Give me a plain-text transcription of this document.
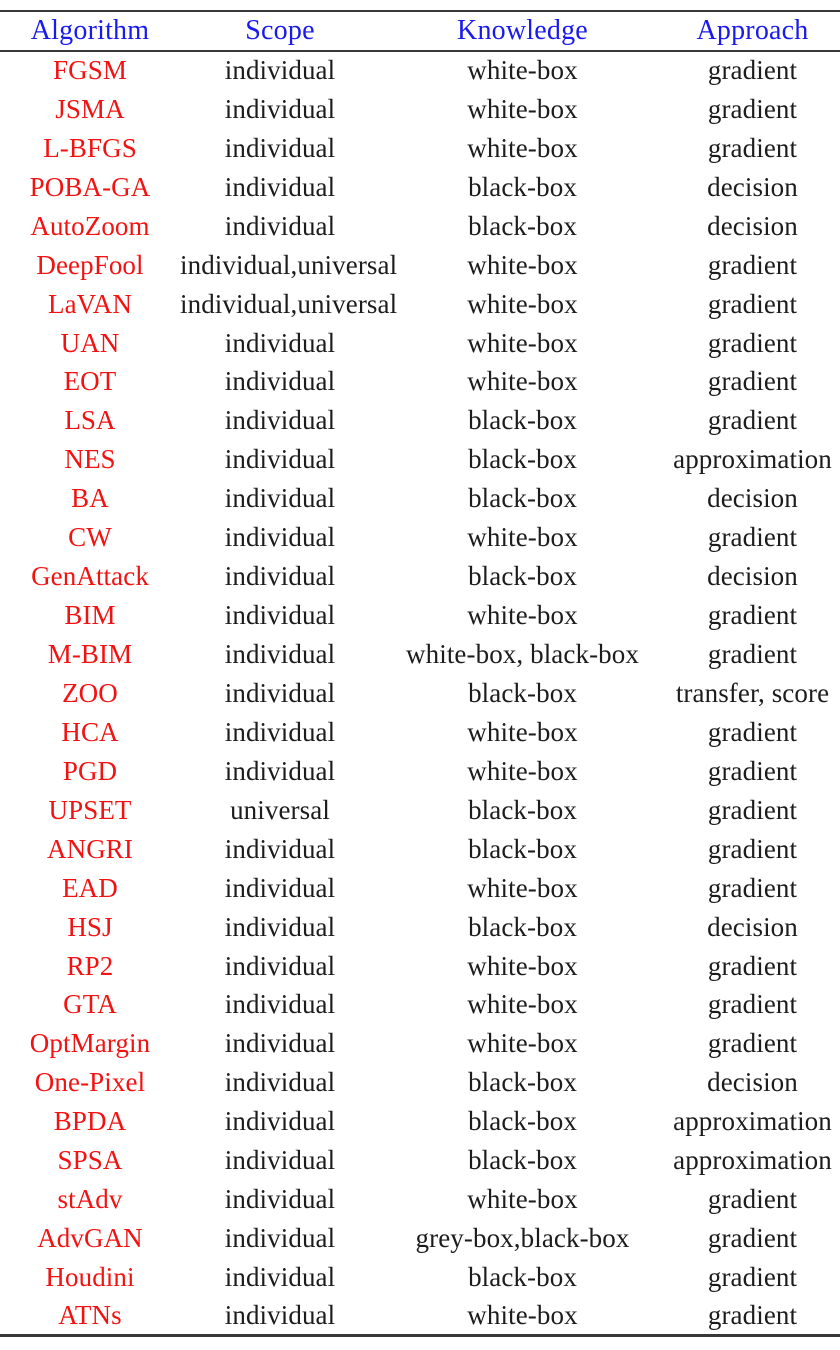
Algorithm	Scope	Knowledge	Approach
FGSM	individual	white-box	gradient
JSMA	individual	white-box	gradient
L-BFGS	individual	white-box	gradient
POBA-GA	individual	black-box	decision
AutoZoom	individual	black-box	decision
DeepFool	individual,universal	white-box	gradient
LaVAN	individual,universal	white-box	gradient
UAN	individual	white-box	gradient
EOT	individual	white-box	gradient
LSA	individual	black-box	gradient
NES	individual	black-box	approximation
BA	individual	black-box	decision
CW	individual	white-box	gradient
GenAttack	individual	black-box	decision
BIM	individual	white-box	gradient
M-BIM	individual	white-box, black-box	gradient
ZOO	individual	black-box	transfer, score
HCA	individual	white-box	gradient
PGD	individual	white-box	gradient
UPSET	universal	black-box	gradient
ANGRI	individual	black-box	gradient
EAD	individual	white-box	gradient
HSJ	individual	black-box	decision
RP2	individual	white-box	gradient
GTA	individual	white-box	gradient
OptMargin	individual	white-box	gradient
One-Pixel	individual	black-box	decision
BPDA	individual	black-box	approximation
SPSA	individual	black-box	approximation
stAdv	individual	white-box	gradient
AdvGAN	individual	grey-box,black-box	gradient
Houdini	individual	black-box	gradient
ATNs	individual	white-box	gradient
